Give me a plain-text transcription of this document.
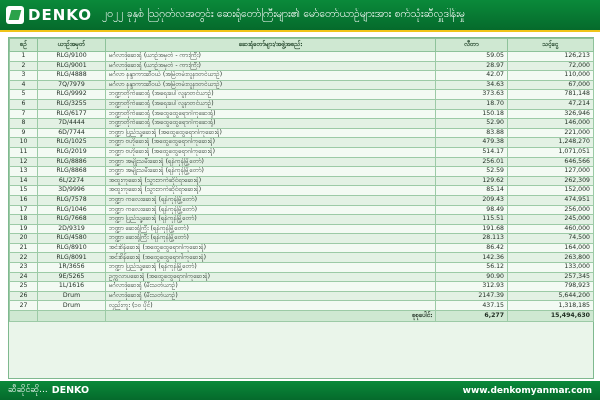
DENKO ၂၀၂၂ ခုနှစ် ဩဂုတ်လအတွင်း ဆေးရုံတော်ကြီးများ၏ မော်တော်ယာဉ်များအား စက်သုံးဆီလှူဒါန်းမှု
စဉ်	ယာဉ်အမှတ်	ဆေးရုံတော်များ/အဖွဲ့အစည်း	လီတာ	သင့်ငွေ
1	RLG/9100	မင်္ဂလာဒုံဆေးရုံ (ယာဉ်အမှတ် - ကားကြီး)	59.05	126,213
2	RLG/9001	မင်္ဂလာဒုံဆေးရုံ (ယာဉ်အမှတ် - ကားကြီး)	28.97	72,000
3	RLG/4888	မင်္ဂလာ နန္ဒာကားဆီဝယ် (အမြဲတမ်းလူနာတင်ယာဉ်)	42.07	110,000
4	7Q/7979	မင်္ဂလာ နန္ဒာကားဆီဝယ် (အမြဲတမ်းလူနာတင်ယာဉ်)	34.63	67,000
5	RLG/9992	ဘဏ္ဍာတိုက်ဆေးရုံ (အရေးပေါ်လူနာတင်ယာဉ်)	373.63	781,148
6	RLG/3255	ဘဏ္ဍာတိုက်ဆေးရုံ (အရေးပေါ်လူနာတင်ယာဉ်)	18.70	47,214
7	RLG/6177	ဘဏ္ဍာတိုက်ဆေးရုံ (အထွေထွေရောဂါကုဆေးရုံ)	150.18	326,946
8	7D/4444	ဘဏ္ဍာတိုက်ဆေးရုံ (အထွေထွေရောဂါကုဆေးရုံ)	52.90	146,000
9	6D/7744	ဘဏ္ဍာ ပြည်သူ့ဆေးရုံ (အထွေထွေရောဂါကုဆေးရုံ)	83.88	221,000
10	RLG/1025	ဘဏ္ဍာ ဗဟိုဆေးရုံ (အထွေထွေရောဂါကုဆေးရုံ)	479.38	1,248,270
11	RLG/2019	ဘဏ္ဍာ ဗဟိုဆေးရုံ (အထွေထွေရောဂါကုဆေးရုံ)	514.17	1,071,051
12	RLG/8886	ဘဏ္ဍာ အမျိုးသမီးဆေးရုံ (ရန်ကုန်မြို့တော်)	256.01	646,566
13	RLG/8868	ဘဏ္ဍာ အမျိုးသမီးဆေးရုံ (ရန်ကုန်မြို့တော်)	52.59	127,000
14	6L/2274	အထူးကုဆေးရုံ (သွားဘက်ဆိုင်ရာဆေးရုံ)	129.62	262,309
15	3D/9996	အထူးကုဆေးရုံ (သွားဘက်ဆိုင်ရာဆေးရုံ)	85.14	152,000
16	RLG/7578	ဘဏ္ဍာ ကလေးဆေးရုံ (ရန်ကုန်မြို့တော်)	209.43	474,951
17	RLG/1046	ဘဏ္ဍာ ကလေးဆေးရုံ (ရန်ကုန်မြို့တော်)	98.49	256,000
18	RLG/7668	ဘဏ္ဍာ ပြည်သူ့ဆေးရုံ (ရန်ကုန်မြို့တော်)	115.51	245,000
19	2D/9319	ဘဏ္ဍာ ဆေးရုံကြီး (ရန်ကုန်မြို့တော်)	191.68	460,000
20	RLG/4580	ဘဏ္ဍာ ဆေးရုံကြီး (ရန်ကုန်မြို့တော်)	28.113	74,500
21	RLG/8910	အင်းစိန်ဆေးရုံ (အထွေထွေရောဂါကုဆေးရုံ)	86.42	164,000
22	RLG/8091	အင်းစိန်ဆေးရုံ (အထွေထွေရောဂါကုဆေးရုံ)	142.36	263,800
23	1R/3656	ဘဏ္ဍာ ပြည်သူ့ဆေးရုံ (ရန်ကုန်မြို့တော်)	56.12	133,000
24	9E/5265	ဥက္ကလာပဆေးရုံ (အထွေထွေရောဂါကုဆေးရုံ)	90.90	257,345
25	1L/1616	မင်္ဂလာဒုံဆေးရုံ (မီးသတ်ယာဉ်)	312.93	798,923
26	Drum	မင်္ဂလာဒုံဆေးရုံ (မီးသတ်ယာဉ်)	2147.39	5,644,200
27	Drum	လှည်းကူး (၁၀ ပိုင်)	437.15	1,318,185
		စုစုပေါင်း	6,277	15,494,630
ဆီဆိုင်ဆို... DENKO	www.denkomyanmar.com
